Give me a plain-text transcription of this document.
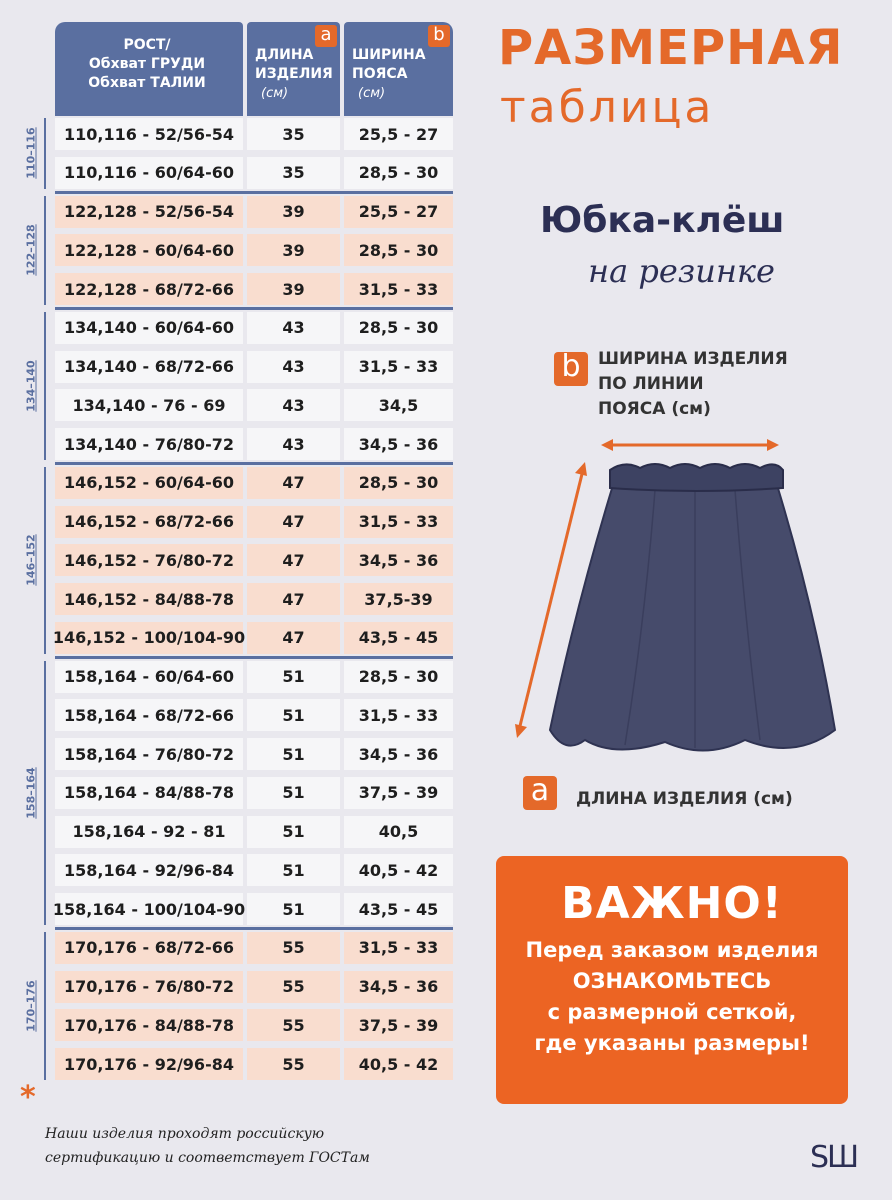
РОСТ/
Обхват ГРУДИ
Обхват ТАЛИИ
a
ДЛИНА
ИЗДЕЛИЯ
(см)
b
ШИРИНА
ПОЯСА
(см)
110,116 - 52/56-54	35	25,5 - 27
110,116 - 60/64-60	35	28,5 - 30
110–116
122,128 - 52/56-54	39	25,5 - 27
122,128 - 60/64-60	39	28,5 - 30
122,128 - 68/72-66	39	31,5 - 33
122–128
134,140 - 60/64-60	43	28,5 - 30
134,140 - 68/72-66	43	31,5 - 33
134,140 - 76 - 69	43	34,5
134,140 - 76/80-72	43	34,5 - 36
134–140
146,152 - 60/64-60	47	28,5 - 30
146,152 - 68/72-66	47	31,5 - 33
146,152 - 76/80-72	47	34,5 - 36
146,152 - 84/88-78	47	37,5-39
146,152 - 100/104-90	47	43,5 - 45
146–152
158,164 - 60/64-60	51	28,5 - 30
158,164 - 68/72-66	51	31,5 - 33
158,164 - 76/80-72	51	34,5 - 36
158,164 - 84/88-78	51	37,5 - 39
158,164 - 92 - 81	51	40,5
158,164 - 92/96-84	51	40,5 - 42
158,164 - 100/104-90	51	43,5 - 45
158–164
170,176 - 68/72-66	55	31,5 - 33
170,176 - 76/80-72	55	34,5 - 36
170,176 - 84/88-78	55	37,5 - 39
170,176 - 92/96-84	55	40,5 - 42
170–176
*
Наши изделия проходят российскую
сертификацию и соответствует ГОСТам
РАЗМЕРНАЯ
таблица
Юбка-клёш
на резинке
b	ШИРИНА ИЗДЕЛИЯ
ПО ЛИНИИ
ПОЯСА (см)
a	ДЛИНА ИЗДЕЛИЯ (см)
ВАЖНО!
Перед заказом изделия
ОЗНАКОМЬТЕСЬ
с размерной сеткой,
где указаны размеры!
SШ
